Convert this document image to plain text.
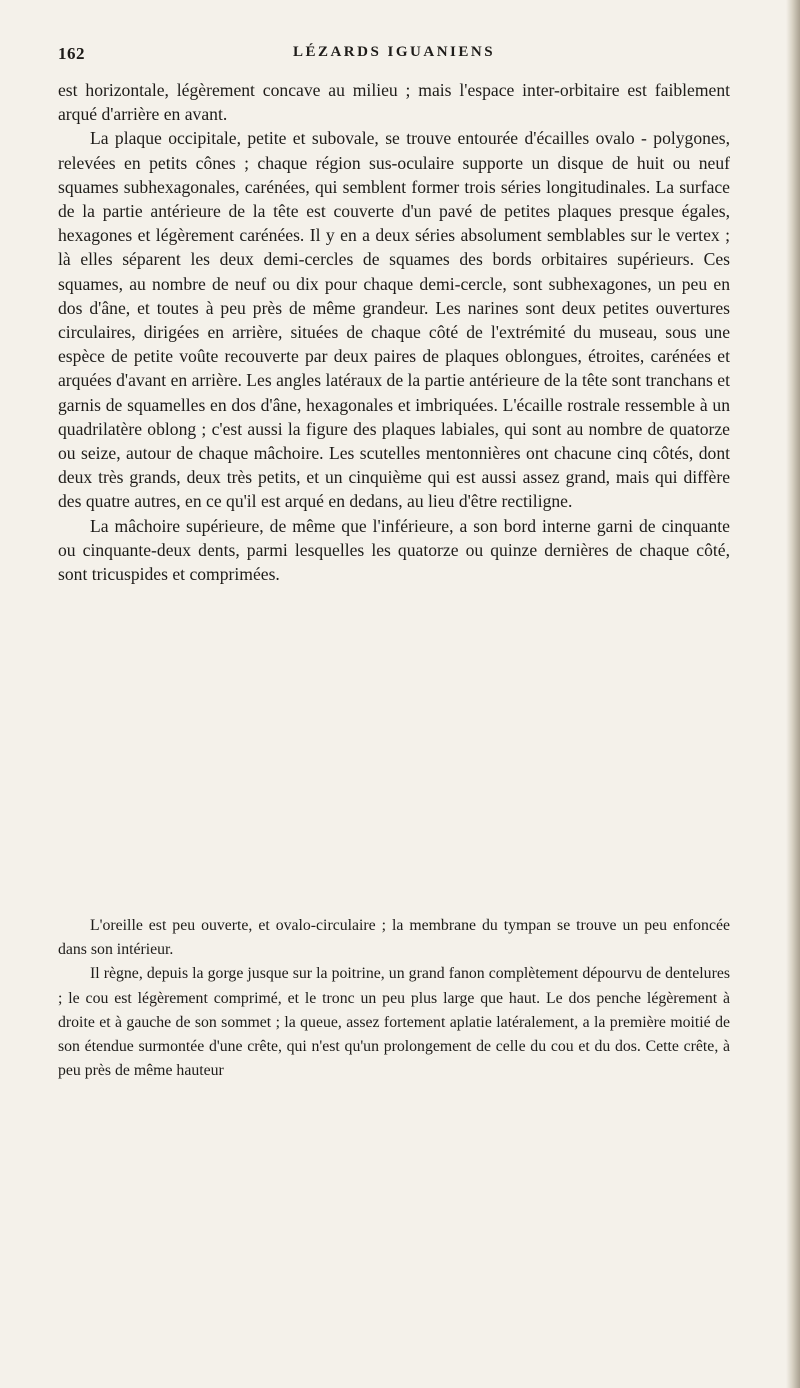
162	LÉZARDS IGUANIENS

est horizontale, légèrement concave au milieu ; mais l'espace inter-orbitaire est faiblement arqué d'arrière en avant.

La plaque occipitale, petite et subovale, se trouve entourée d'écailles ovalo - polygones, relevées en petits cônes ; chaque région sus-oculaire supporte un disque de huit ou neuf squames subhexagonales, carénées, qui semblent former trois séries longitudinales. La surface de la partie antérieure de la tête est couverte d'un pavé de petites plaques presque égales, hexagones et légèrement carénées. Il y en a deux séries absolument semblables sur le vertex ; là elles séparent les deux demi-cercles de squames des bords orbitaires supérieurs. Ces squames, au nombre de neuf ou dix pour chaque demi-cercle, sont subhexagones, un peu en dos d'âne, et toutes à peu près de même grandeur. Les narines sont deux petites ouvertures circulaires, dirigées en arrière, situées de chaque côté de l'extrémité du museau, sous une espèce de petite voûte recouverte par deux paires de plaques oblongues, étroites, carénées et arquées d'avant en arrière. Les angles latéraux de la partie antérieure de la tête sont tranchans et garnis de squamelles en dos d'âne, hexagonales et imbriquées. L'écaille rostrale ressemble à un quadrilatère oblong ; c'est aussi la figure des plaques labiales, qui sont au nombre de quatorze ou seize, autour de chaque mâchoire. Les scutelles mentonnières ont chacune cinq côtés, dont deux très grands, deux très petits, et un cinquième qui est aussi assez grand, mais qui diffère des quatre autres, en ce qu'il est arqué en dedans, au lieu d'être rectiligne.

La mâchoire supérieure, de même que l'inférieure, a son bord interne garni de cinquante ou cinquante-deux dents, parmi lesquelles les quatorze ou quinze dernières de chaque côté, sont tricuspides et comprimées.

L'oreille est peu ouverte, et ovalo-circulaire ; la membrane du tympan se trouve un peu enfoncée dans son intérieur.

Il règne, depuis la gorge jusque sur la poitrine, un grand fanon complètement dépourvu de dentelures ; le cou est légèrement comprimé, et le tronc un peu plus large que haut. Le dos penche légèrement à droite et à gauche de son sommet ; la queue, assez fortement aplatie latéralement, a la première moitié de son étendue surmontée d'une crête, qui n'est qu'un prolongement de celle du cou et du dos. Cette crête, à peu près de même hauteur
